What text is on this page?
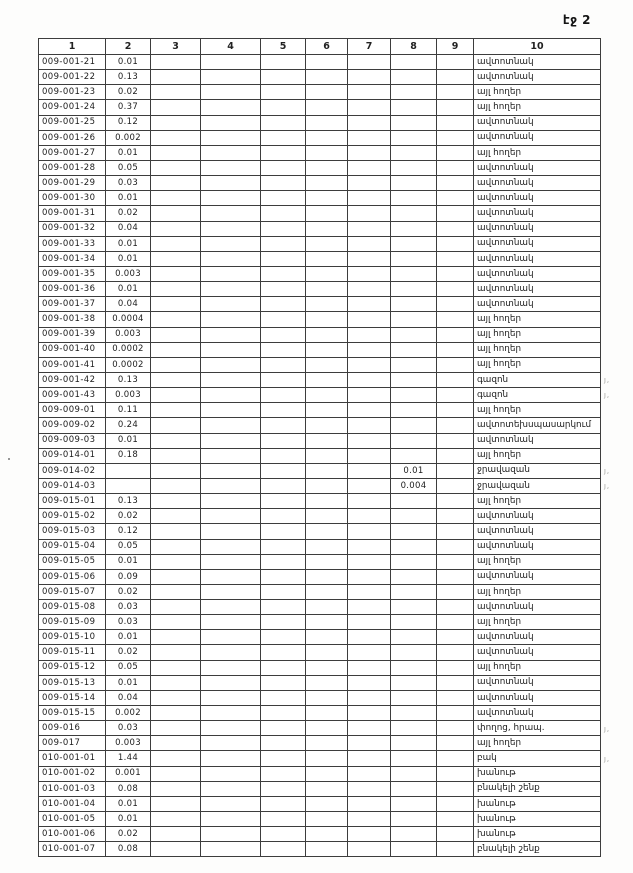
էջ 2
1	2	3	4	5	6	7	8	9	10
009-001-21	0.01								ավտոտնակ
009-001-22	0.13								ավտոտնակ
009-001-23	0.02								այլ հողեր
009-001-24	0.37								այլ հողեր
009-001-25	0.12								ավտոտնակ
009-001-26	0.002								ավտոտնակ
009-001-27	0.01								այլ հողեր
009-001-28	0.05								ավտոտնակ
009-001-29	0.03								ավտոտնակ
009-001-30	0.01								ավտոտնակ
009-001-31	0.02								ավտոտնակ
009-001-32	0.04								ավտոտնակ
009-001-33	0.01								ավտոտնակ
009-001-34	0.01								ավտոտնակ
009-001-35	0.003								ավտոտնակ
009-001-36	0.01								ավտոտնակ
009-001-37	0.04								ավտոտնակ
009-001-38	0.0004								այլ հողեր
009-001-39	0.003								այլ հողեր
009-001-40	0.0002								այլ հողեր
009-001-41	0.0002								այլ հողեր
009-001-42	0.13								գազոն
009-001-43	0.003								գազոն
009-009-01	0.11								այլ հողեր
009-009-02	0.24								ավտոտեխսպասարկում
009-009-03	0.01								ավտոտնակ
009-014-01	0.18								այլ հողեր
009-014-02							0.01		ջրավազան
009-014-03							0.004		ջրավազան
009-015-01	0.13								այլ հողեր
009-015-02	0.02								ավտոտնակ
009-015-03	0.12								ավտոտնակ
009-015-04	0.05								ավտոտնակ
009-015-05	0.01								այլ հողեր
009-015-06	0.09								ավտոտնակ
009-015-07	0.02								այլ հողեր
009-015-08	0.03								ավտոտնակ
009-015-09	0.03								այլ հողեր
009-015-10	0.01								ավտոտնակ
009-015-11	0.02								ավտոտնակ
009-015-12	0.05								այլ հողեր
009-015-13	0.01								ավտոտնակ
009-015-14	0.04								ավտոտնակ
009-015-15	0.002								ավտոտնակ
009-016	0.03								փողոց, հրապ.
009-017	0.003								այլ հողեր
010-001-01	1.44								բակ
010-001-02	0.001								խանութ
010-001-03	0.08								բնակելի շենք
010-001-04	0.01								խանութ
010-001-05	0.01								խանութ
010-001-06	0.02								խանութ
010-001-07	0.08								բնակելի շենք
յ,
յ,
յ,
յ,
յ,
յ,
